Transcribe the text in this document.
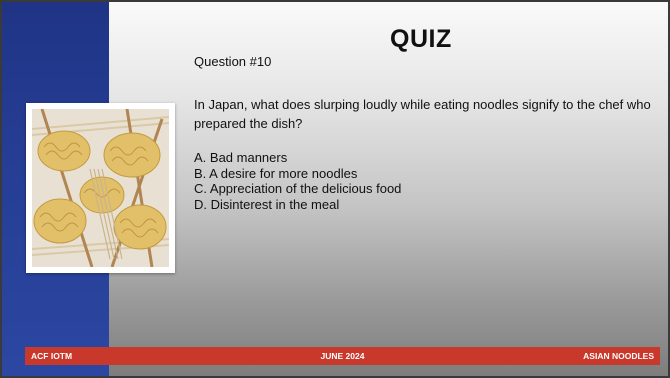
QUIZ
Question #10
In Japan, what does slurping loudly while eating noodles signify to the chef who prepared the dish?
A. Bad manners
B. A desire for more noodles
C. Appreciation of the delicious food
D. Disinterest in the meal
ACF IOTM	JUNE 2024	ASIAN NOODLES
